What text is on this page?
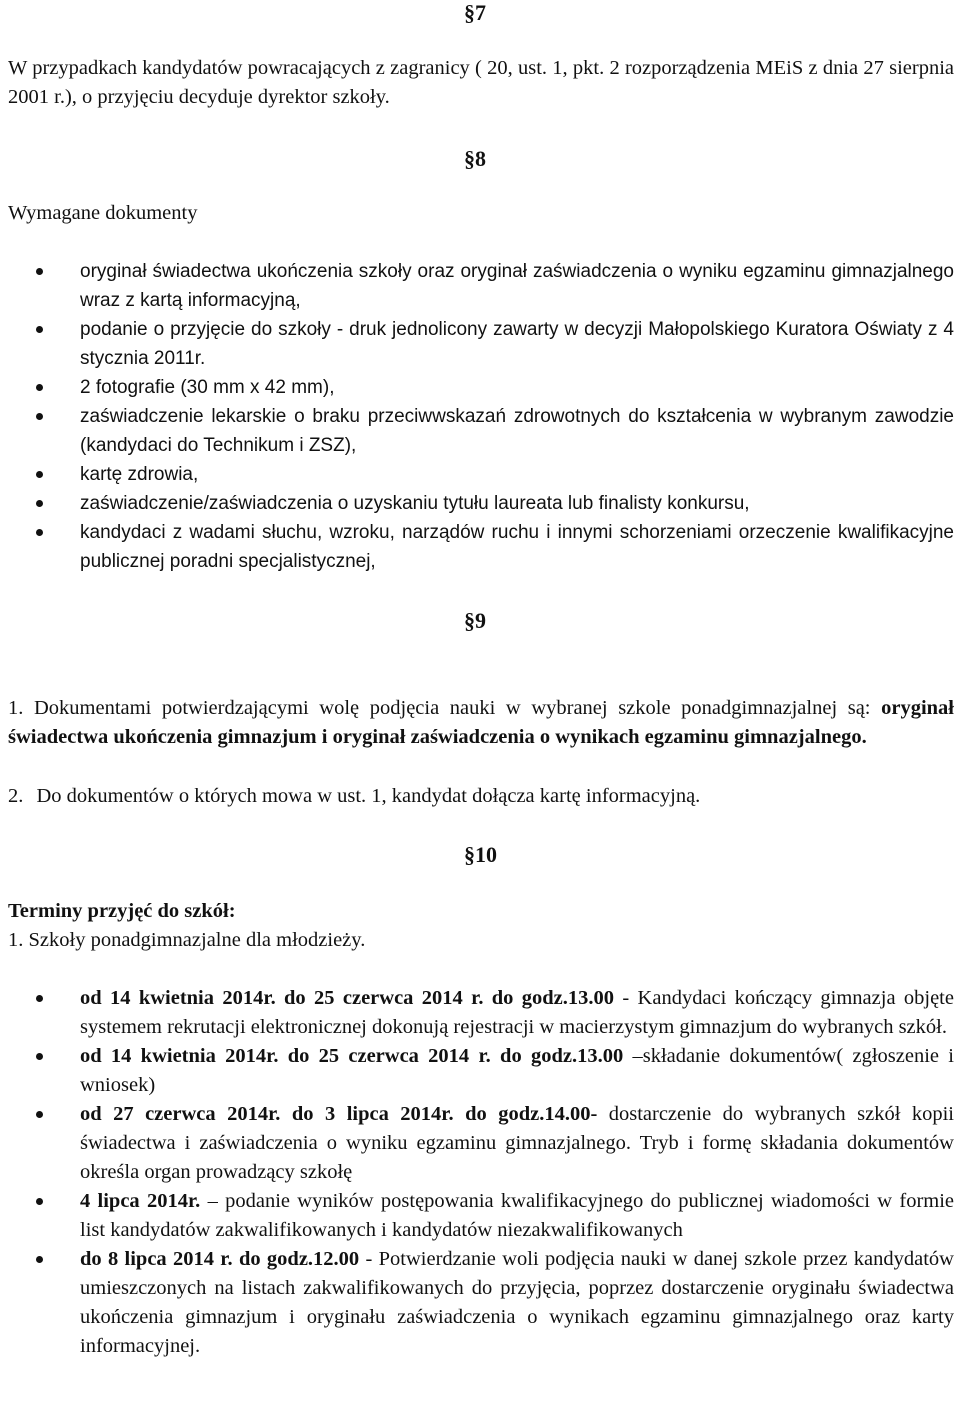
§7
W przypadkach kandydatów powracających z zagranicy ( 20, ust. 1, pkt. 2 rozporządzenia MEiS z dnia 27 sierpnia 2001 r.), o przyjęciu decyduje dyrektor szkoły.
§8
Wymagane dokumenty
oryginał świadectwa ukończenia szkoły oraz oryginał zaświadczenia o wyniku egzaminu gimnazjalnego wraz z kartą informacyjną,
podanie o przyjęcie do szkoły - druk jednolicony zawarty w decyzji Małopolskiego Kuratora Oświaty z 4 stycznia 2011r.
2 fotografie (30 mm x 42 mm),
zaświadczenie lekarskie o braku przeciwwskazań zdrowotnych do kształcenia w wybranym zawodzie (kandydaci do Technikum i ZSZ),
kartę zdrowia,
zaświadczenie/zaświadczenia o uzyskaniu tytułu laureata lub finalisty konkursu,
kandydaci z wadami słuchu, wzroku, narządów ruchu i innymi schorzeniami orzeczenie kwalifikacyjne publicznej poradni specjalistycznej,
§9
1. Dokumentami potwierdzającymi wolę podjęcia nauki w wybranej szkole ponadgimnazjalnej są: oryginał świadectwa ukończenia gimnazjum i oryginał zaświadczenia o wynikach egzaminu gimnazjalnego.
2. Do dokumentów o których mowa w ust. 1, kandydat dołącza kartę informacyjną.
§10
Terminy przyjęć do szkół:
1. Szkoły ponadgimnazjalne dla młodzieży.
od 14 kwietnia 2014r. do 25 czerwca 2014 r. do godz.13.00 - Kandydaci kończący gimnazja objęte systemem rekrutacji elektronicznej dokonują rejestracji w macierzystym gimnazjum do wybranych szkół.
od 14 kwietnia 2014r. do 25 czerwca 2014 r. do godz.13.00 –składanie dokumentów( zgłoszenie i wniosek)
od 27 czerwca 2014r. do 3 lipca 2014r. do godz.14.00- dostarczenie do wybranych szkół kopii świadectwa i zaświadczenia o wyniku egzaminu gimnazjalnego. Tryb i formę składania dokumentów określa organ prowadzący szkołę
4 lipca 2014r. – podanie wyników postępowania kwalifikacyjnego do publicznej wiadomości w formie list kandydatów zakwalifikowanych i kandydatów niezakwalifikowanych
do 8 lipca 2014 r. do godz.12.00 - Potwierdzanie woli podjęcia nauki w danej szkole przez kandydatów umieszczonych na listach zakwalifikowanych do przyjęcia, poprzez dostarczenie oryginału świadectwa ukończenia gimnazjum i oryginału zaświadczenia o wynikach egzaminu gimnazjalnego oraz karty informacyjnej.
